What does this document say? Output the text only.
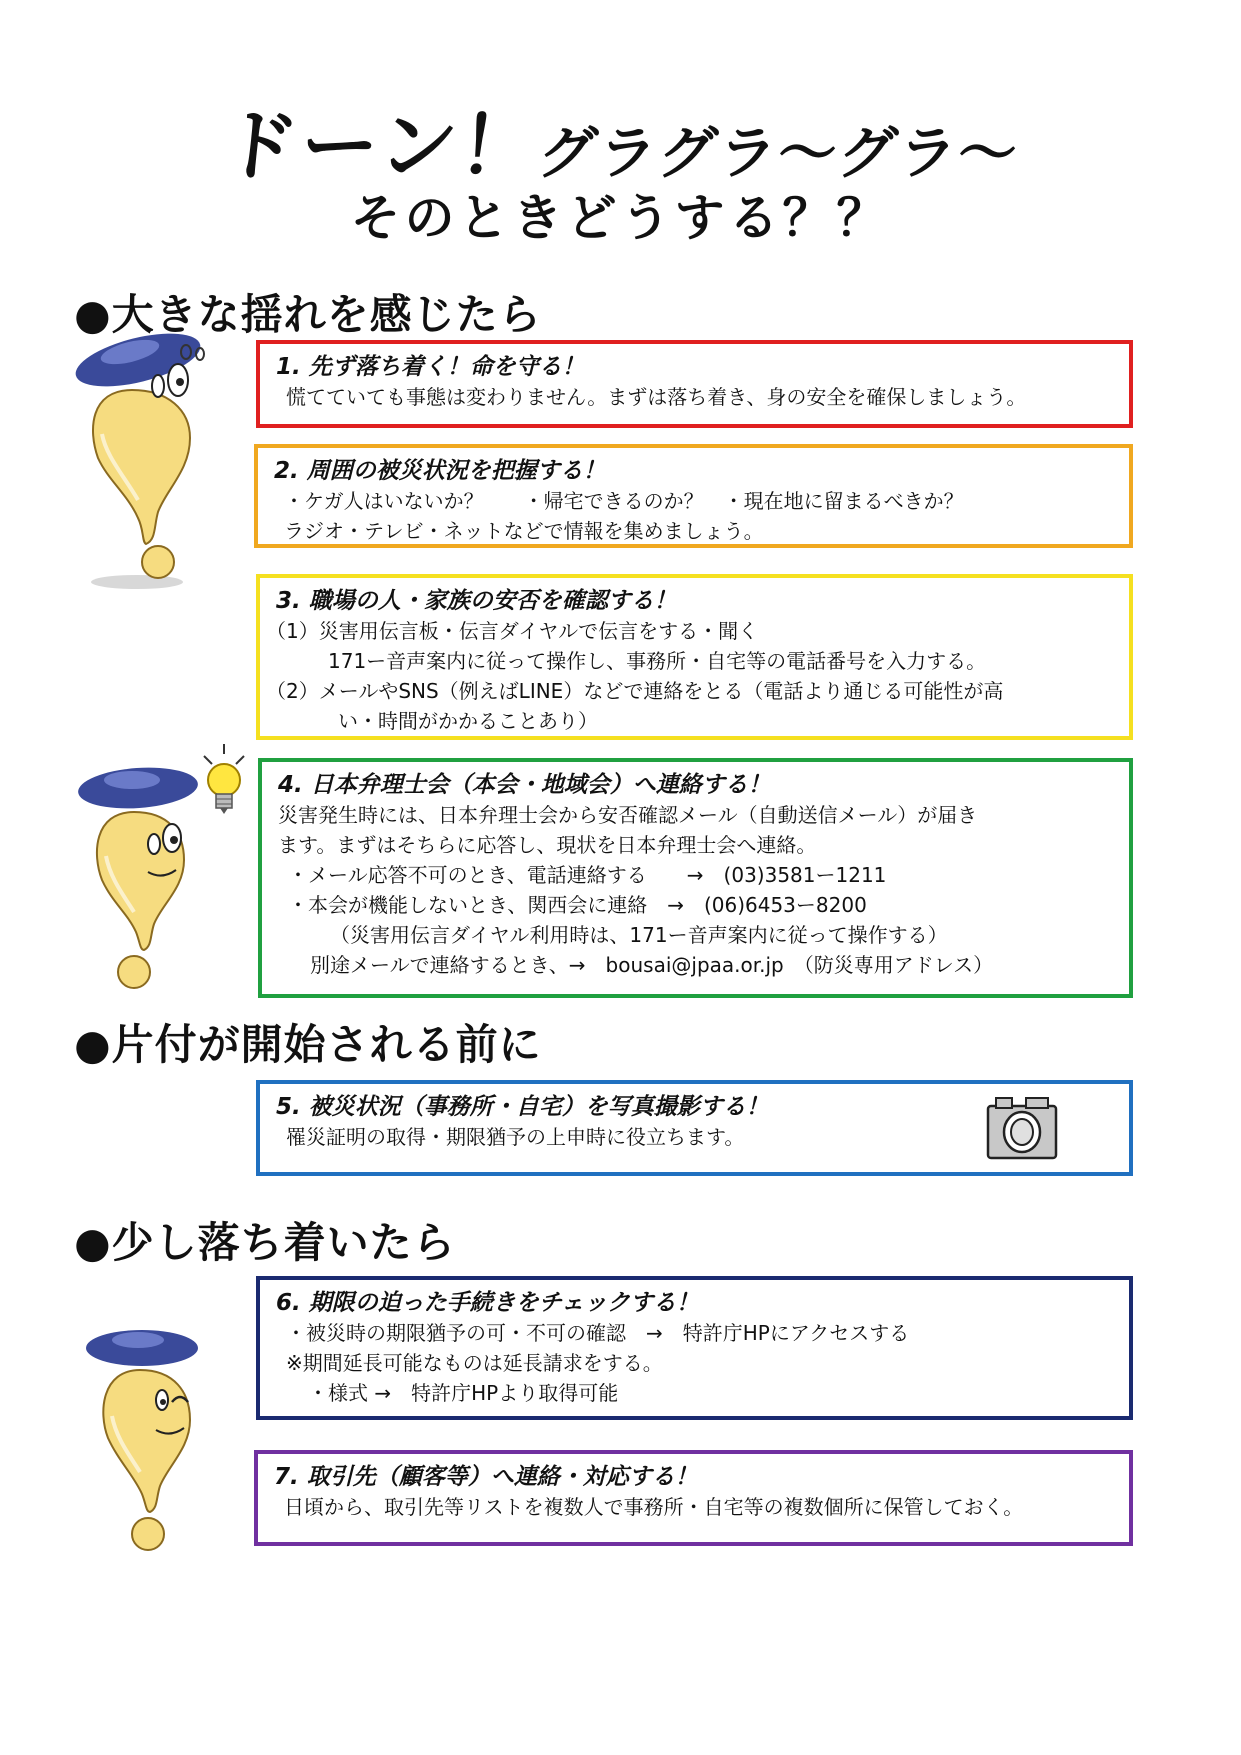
ドーン！グラグラ～グラ～
そのときどうする？？
●大きな揺れを感じたら
1. 先ず落ち着く！命を守る！
慌てていても事態は変わりません。まずは落ち着き、身の安全を確保しましょう。
2. 周囲の被災状況を把握する！
・ケガ人はいないか？　　・帰宅できるのか？　・現在地に留まるべきか？
ラジオ・テレビ・ネットなどで情報を集めましょう。
3. 職場の人・家族の安否を確認する！
（1）災害用伝言板・伝言ダイヤルで伝言をする・聞く
171ー音声案内に従って操作し、事務所・自宅等の電話番号を入力する。
（2）メールやSNS（例えばLINE）などで連絡をとる（電話より通じる可能性が高
い・時間がかかることあり）
4. 日本弁理士会（本会・地域会）へ連絡する！
災害発生時には、日本弁理士会から安否確認メール（自動送信メール）が届き
ます。まずはそちらに応答し、現状を日本弁理士会へ連絡。
・メール応答不可のとき、電話連絡する　　→　(03)3581ー1211
・本会が機能しないとき、関西会に連絡　→　(06)6453ー8200
（災害用伝言ダイヤル利用時は、171ー音声案内に従って操作する）
別途メールで連絡するとき、→　bousai@jpaa.or.jp　（防災専用アドレス）
●片付が開始される前に
5. 被災状況（事務所・自宅）を写真撮影する！
罹災証明の取得・期限猶予の上申時に役立ちます。
●少し落ち着いたら
6. 期限の迫った手続きをチェックする！
・被災時の期限猶予の可・不可の確認　→　特許庁HPにアクセスする
※期間延長可能なものは延長請求をする。
・様式 →　特許庁HPより取得可能
7. 取引先（顧客等）へ連絡・対応する！
日頃から、取引先等リストを複数人で事務所・自宅等の複数個所に保管しておく。
